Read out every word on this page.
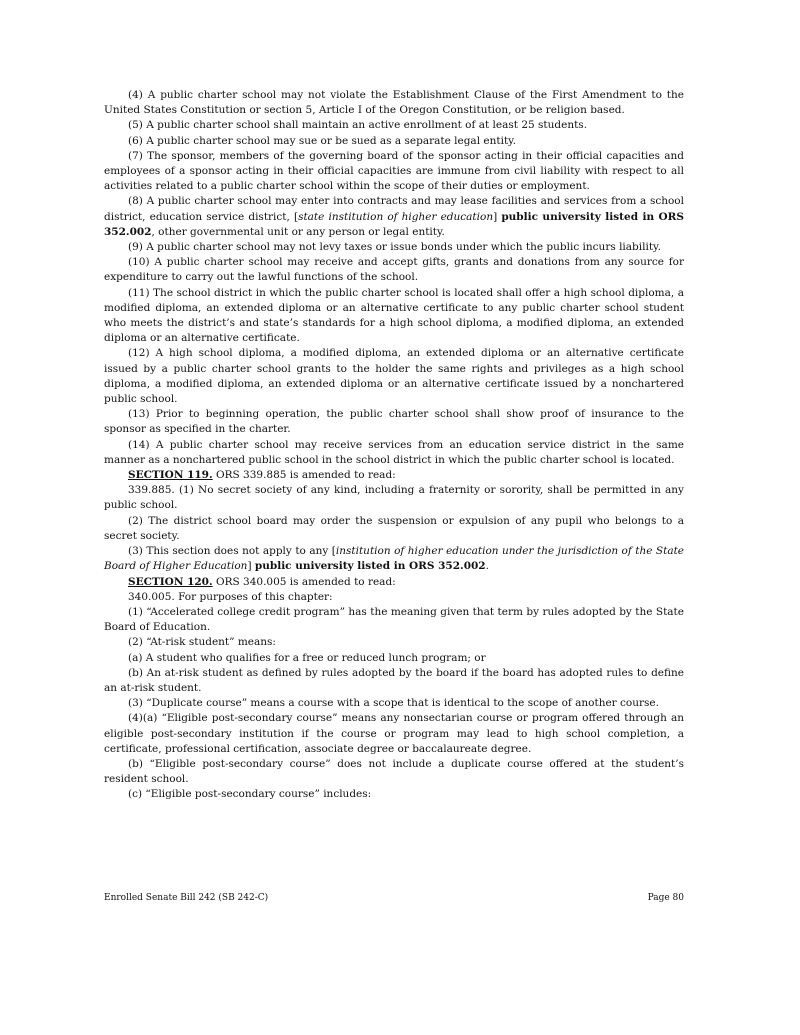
(4) A public charter school may not violate the Establishment Clause of the First Amendment to the United States Constitution or section 5, Article I of the Oregon Constitution, or be religion based.

(5) A public charter school shall maintain an active enrollment of at least 25 students.

(6) A public charter school may sue or be sued as a separate legal entity.

(7) The sponsor, members of the governing board of the sponsor acting in their official capacities and employees of a sponsor acting in their official capacities are immune from civil liability with respect to all activities related to a public charter school within the scope of their duties or employment.

(8) A public charter school may enter into contracts and may lease facilities and services from a school district, education service district, [state institution of higher education] public university listed in ORS 352.002, other governmental unit or any person or legal entity.

(9) A public charter school may not levy taxes or issue bonds under which the public incurs liability.

(10) A public charter school may receive and accept gifts, grants and donations from any source for expenditure to carry out the lawful functions of the school.

(11) The school district in which the public charter school is located shall offer a high school diploma, a modified diploma, an extended diploma or an alternative certificate to any public charter school student who meets the district’s and state’s standards for a high school diploma, a modified diploma, an extended diploma or an alternative certificate.

(12) A high school diploma, a modified diploma, an extended diploma or an alternative certificate issued by a public charter school grants to the holder the same rights and privileges as a high school diploma, a modified diploma, an extended diploma or an alternative certificate issued by a nonchartered public school.

(13) Prior to beginning operation, the public charter school shall show proof of insurance to the sponsor as specified in the charter.

(14) A public charter school may receive services from an education service district in the same manner as a nonchartered public school in the school district in which the public charter school is located.

SECTION 119. ORS 339.885 is amended to read:

339.885. (1) No secret society of any kind, including a fraternity or sorority, shall be permitted in any public school.

(2) The district school board may order the suspension or expulsion of any pupil who belongs to a secret society.

(3) This section does not apply to any [institution of higher education under the jurisdiction of the State Board of Higher Education] public university listed in ORS 352.002.

SECTION 120. ORS 340.005 is amended to read:

340.005. For purposes of this chapter:

(1) “Accelerated college credit program” has the meaning given that term by rules adopted by the State Board of Education.

(2) “At-risk student” means:

(a) A student who qualifies for a free or reduced lunch program; or

(b) An at-risk student as defined by rules adopted by the board if the board has adopted rules to define an at-risk student.

(3) “Duplicate course” means a course with a scope that is identical to the scope of another course.

(4)(a) “Eligible post-secondary course” means any nonsectarian course or program offered through an eligible post-secondary institution if the course or program may lead to high school completion, a certificate, professional certification, associate degree or baccalaureate degree.

(b) “Eligible post-secondary course” does not include a duplicate course offered at the student’s resident school.

(c) “Eligible post-secondary course” includes:

Enrolled Senate Bill 242 (SB 242-C)	Page 80
